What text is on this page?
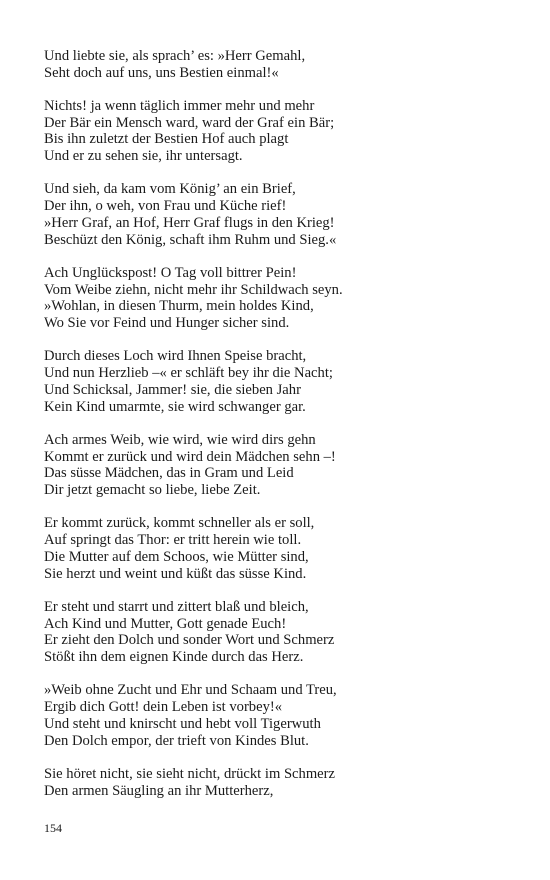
Und liebte sie, als sprach’ es: »Herr Gemahl,
Seht doch auf uns, uns Bestien einmal!«
Nichts! ja wenn täglich immer mehr und mehr
Der Bär ein Mensch ward, ward der Graf ein Bär;
Bis ihn zuletzt der Bestien Hof auch plagt
Und er zu sehen sie, ihr untersagt.
Und sieh, da kam vom König’ an ein Brief,
Der ihn, o weh, von Frau und Küche rief!
»Herr Graf, an Hof, Herr Graf flugs in den Krieg!
Beschüzt den König, schaft ihm Ruhm und Sieg.«
Ach Unglückspost! O Tag voll bittrer Pein!
Vom Weibe ziehn, nicht mehr ihr Schildwach seyn.
»Wohlan, in diesen Thurm, mein holdes Kind,
Wo Sie vor Feind und Hunger sicher sind.
Durch dieses Loch wird Ihnen Speise bracht,
Und nun Herzlieb –« er schläft bey ihr die Nacht;
Und Schicksal, Jammer! sie, die sieben Jahr
Kein Kind umarmte, sie wird schwanger gar.
Ach armes Weib, wie wird, wie wird dirs gehn
Kommt er zurück und wird dein Mädchen sehn –!
Das süsse Mädchen, das in Gram und Leid
Dir jetzt gemacht so liebe, liebe Zeit.
Er kommt zurück, kommt schneller als er soll,
Auf springt das Thor: er tritt herein wie toll.
Die Mutter auf dem Schoos, wie Mütter sind,
Sie herzt und weint und küßt das süsse Kind.
Er steht und starrt und zittert blaß und bleich,
Ach Kind und Mutter, Gott genade Euch!
Er zieht den Dolch und sonder Wort und Schmerz
Stößt ihn dem eignen Kinde durch das Herz.
»Weib ohne Zucht und Ehr und Schaam und Treu,
Ergib dich Gott! dein Leben ist vorbey!«
Und steht und knirscht und hebt voll Tigerwuth
Den Dolch empor, der trieft von Kindes Blut.
Sie höret nicht, sie sieht nicht, drückt im Schmerz
Den armen Säugling an ihr Mutterherz,
154
